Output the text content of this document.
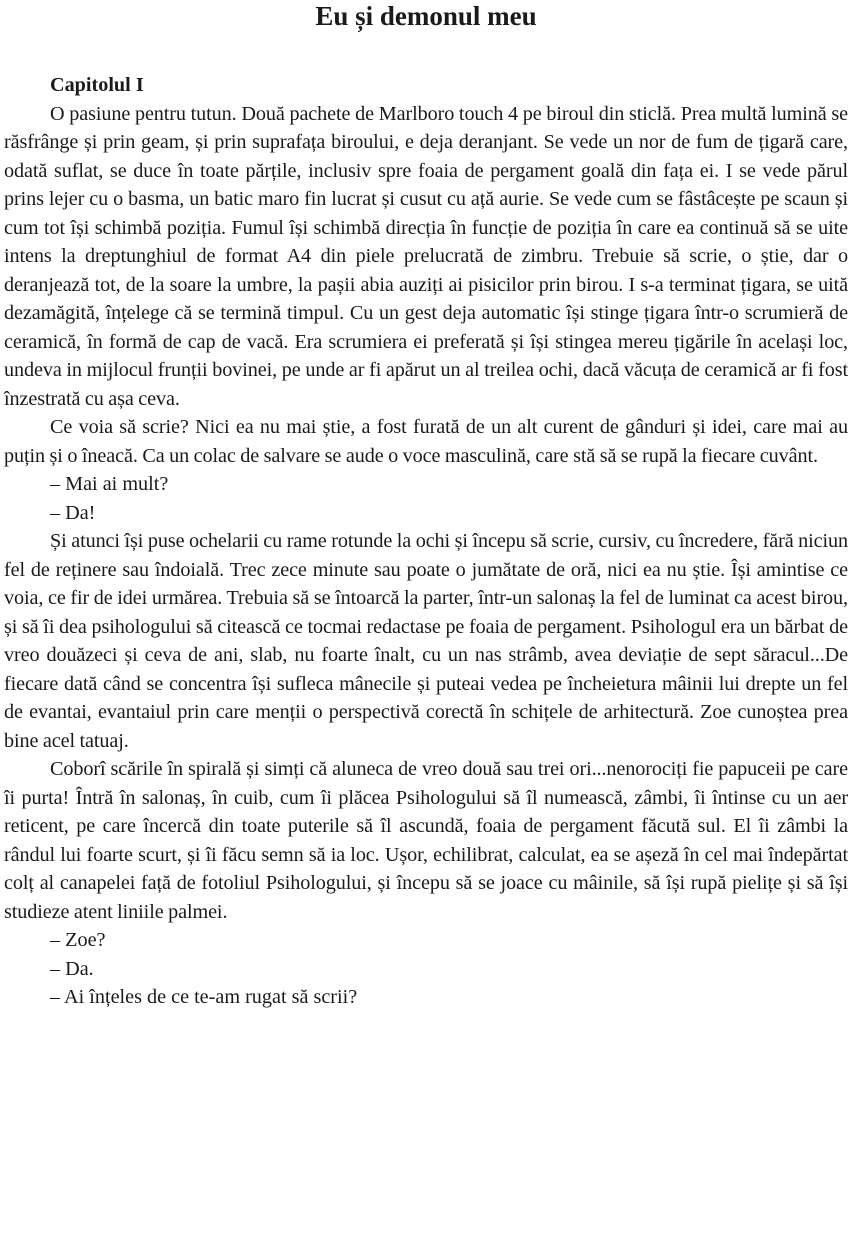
Eu și demonul meu

Capitolul I

O pasiune pentru tutun. Două pachete de Marlboro touch 4 pe biroul din sticlă. Prea multă lumină se răsfrânge și prin geam, și prin suprafața biroului, e deja deranjant. Se vede un nor de fum de țigară care, odată suflat, se duce în toate părțile, inclusiv spre foaia de pergament goală din fața ei. I se vede părul prins lejer cu o basma, un batic maro fin lucrat și cusut cu ață aurie. Se vede cum se fâstâcește pe scaun și cum tot își schimbă poziția. Fumul își schimbă direcția în funcție de poziția în care ea continuă să se uite intens la dreptunghiul de format A4 din piele prelucrată de zimbru. Trebuie să scrie, o știe, dar o deranjează tot, de la soare la umbre, la pașii abia auziți ai pisicilor prin birou. I s-a terminat țigara, se uită dezamăgită, înțelege că se termină timpul. Cu un gest deja automatic își stinge țigara într-o scrumieră de ceramică, în formă de cap de vacă. Era scrumiera ei preferată și își stingea mereu țigările în același loc, undeva in mijlocul frunții bovinei, pe unde ar fi apărut un al treilea ochi, dacă văcuța de ceramică ar fi fost înzestrată cu așa ceva.

Ce voia să scrie? Nici ea nu mai știe, a fost furată de un alt curent de gânduri și idei, care mai au puțin și o îneacă. Ca un colac de salvare se aude o voce masculină, care stă să se rupă la fiecare cuvânt.

– Mai ai mult?

– Da!

Și atunci își puse ochelarii cu rame rotunde la ochi și începu să scrie, cursiv, cu încredere, fără niciun fel de reținere sau îndoială. Trec zece minute sau poate o jumătate de oră, nici ea nu știe. Își amintise ce voia, ce fir de idei urmărea. Trebuia să se întoarcă la parter, într-un salonaș la fel de luminat ca acest birou, și să îi dea psihologului să citească ce tocmai redactase pe foaia de pergament. Psihologul era un bărbat de vreo douăzeci și ceva de ani, slab, nu foarte înalt, cu un nas strâmb, avea deviație de sept săracul...De fiecare dată când se concentra își sufleca mânecile și puteai vedea pe încheietura mâinii lui drepte un fel de evantai, evantaiul prin care menții o perspectivă corectă în schițele de arhitectură. Zoe cunoștea prea bine acel tatuaj.

Coborî scările în spirală și simți că aluneca de vreo două sau trei ori...nenorociți fie papuceii pe care îi purta! Întră în salonaș, în cuib, cum îi plăcea Psihologului să îl numească, zâmbi, îi întinse cu un aer reticent, pe care încercă din toate puterile să îl ascundă, foaia de pergament făcută sul. El îi zâmbi la rândul lui foarte scurt, și îi făcu semn să ia loc. Ușor, echilibrat, calculat, ea se așeză în cel mai îndepărtat colț al canapelei față de fotoliul Psihologului, și începu să se joace cu mâinile, să își rupă pielițe și să își studieze atent liniile palmei.

– Zoe?

– Da.

– Ai înțeles de ce te-am rugat să scrii?
